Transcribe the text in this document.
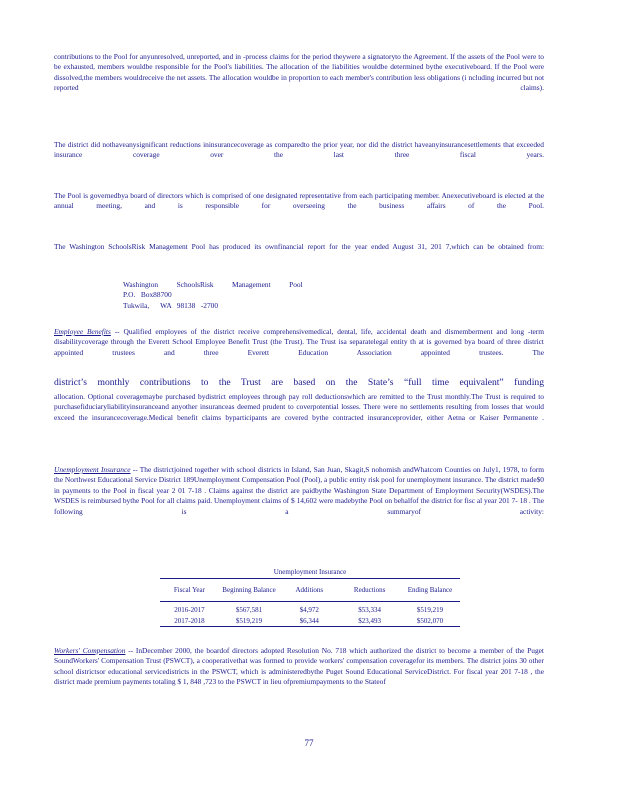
contributions to the Pool for anyunresolved, unreported, and in -process claims for the period theywere a signatoryto the Agreement. If the assets of the Pool were to be exhausted, members wouldbe responsible for the Pool's liabilities. The allocation of the liabilities wouldbe determined bythe executiveboard. If the Pool were dissolved,the members wouldreceive the net assets. The allocation wouldbe in proportion to each member's contribution less obligations (i ncluding incurred but not reported claims).

The district did nothaveanysignificant reductions ininsurancecoverage as comparedto the prior year, nor did the district haveanyinsurancesettlements that exceeded insurance coverage over the last three fiscal years.

The Pool is governedbya board of directors which is comprised of one designated representative from each participating member. Anexecutiveboard is elected at the annual meeting, and is responsible for overseeing the business affairs of the Pool.

The Washington SchoolsRisk Management Pool has produced its ownfinancial report for the year ended August 31, 201 7,which can be obtained from:

Washington          SchoolsRisk          Management          Pool
P.O.   Box88700
Tukwila,      WA   98138   -2700

Employee Benefits -- Qualified employees of the district receive comprehensivemedical, dental, life, accidental death and dismemberment and long -term disabilitycoverage through the Everett School Employee Benefit Trust (the Trust). The Trust isa separatelegal entity th at is governed bya board of three district appointed trustees and three Everett Education Association appointed trustees. The

district’s monthly contributions to the Trust are based on the State’s “full time equivalent” funding

allocation. Optional coveragemaybe purchased bydistrict employees through pay roll deductionswhich are remitted to the Trust monthly.The Trust is required to purchasefiduciaryliabilityinsuranceand anyother insuranceas deemed prudent to coverpotential losses. There were no settlements resulting from losses that would exceed the insurancecoverage.Medical benefit claims byparticipants are covered bythe contracted insuranceprovider, either Aetna or Kaiser Permanente .

Unemployment Insurance -- The districtjoined together with school districts in Island, San Juan, Skagit,S nohomish andWhatcom Counties on July1, 1978, to form the Northwest Educational Service District 189Unemployment Compensation Pool (Pool), a public entity risk pool for unemployment insurance. The district made$0 in payments to the Pool in fiscal year 2 01 7-18 . Claims against the district are paidbythe Washington State Department of Employment Security(WSDES).The WSDES is reimbursed bythe Pool for all claims paid. Unemployment claims of $ 14,602 were madebythe Pool on behalfof the district for fisc al year 201 7- 18 . The following is a summaryof activity:

Unemployment Insurance				
Fiscal Year	Beginning Balance	Additions	Reductions	Ending Balance
2016-2017	$567,581	$4,972	$53,334	$519,219
2017-2018	$519,219	$6,344	$23,493	$502,070

Workers' Compensation -- InDecember 2000, the boardof directors adopted Resolution No. 718 which authorized the district to become a member of the Puget SoundWorkers' Compensation Trust (PSWCT), a cooperativethat was formed to provide workers' compensation coveragefor its members. The district joins 30 other school districtsor educational servicedistricts in the PSWCT, which is administeredbythe Puget Sound Educational ServiceDistrict. For fiscal year 201 7-18 , the district made premium payments totaling $ 1, 848 ,723 to the PSWCT in lieu ofpremiumpayments to the Stateof

77
